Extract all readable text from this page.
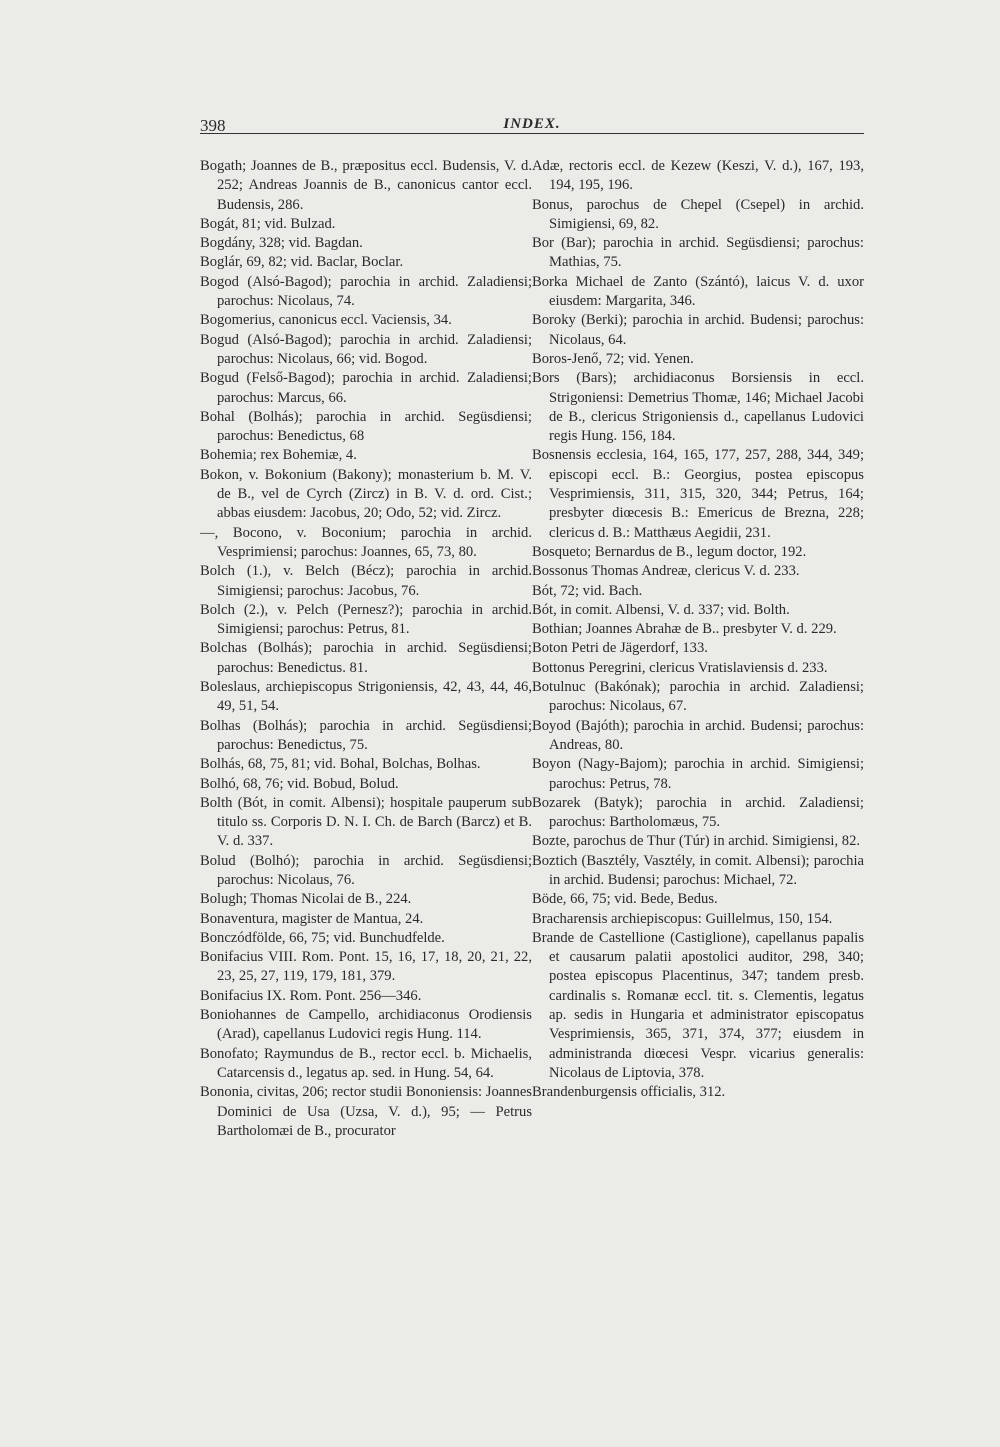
398	INDEX.

Bogath; Joannes de B., præpositus eccl. Budensis, V. d. 252; Andreas Joannis de B., canonicus cantor eccl. Budensis, 286.

Bogát, 81; vid. Bulzad.

Bogdány, 328; vid. Bagdan.

Boglár, 69, 82; vid. Baclar, Boclar.

Bogod (Alsó-Bagod); parochia in archid. Zaladiensi; parochus: Nicolaus, 74.

Bogomerius, canonicus eccl. Vaciensis, 34.

Bogud (Alsó-Bagod); parochia in archid. Zaladiensi; parochus: Nicolaus, 66; vid. Bogod.

Bogud (Felső-Bagod); parochia in archid. Zaladiensi; parochus: Marcus, 66.

Bohal (Bolhás); parochia in archid. Següsdiensi; parochus: Benedictus, 68

Bohemia; rex Bohemiæ, 4.

Bokon, v. Bokonium (Bakony); monasterium b. M. V. de B., vel de Cyrch (Zircz) in B. V. d. ord. Cist.; abbas eiusdem: Jacobus, 20; Odo, 52; vid. Zircz.

—, Bocono, v. Boconium; parochia in archid. Vesprimiensi; parochus: Joannes, 65, 73, 80.

Bolch (1.), v. Belch (Bécz); parochia in archid. Simigiensi; parochus: Jacobus, 76.

Bolch (2.), v. Pelch (Pernesz?); parochia in archid. Simigiensi; parochus: Petrus, 81.

Bolchas (Bolhás); parochia in archid. Següsdiensi; parochus: Benedictus. 81.

Boleslaus, archiepiscopus Strigoniensis, 42, 43, 44, 46, 49, 51, 54.

Bolhas (Bolhás); parochia in archid. Següsdiensi; parochus: Benedictus, 75.

Bolhás, 68, 75, 81; vid. Bohal, Bolchas, Bolhas.

Bolhó, 68, 76; vid. Bobud, Bolud.

Bolth (Bót, in comit. Albensi); hospitale pauperum sub titulo ss. Corporis D. N. I. Ch. de Barch (Barcz) et B. V. d. 337.

Bolud (Bolhó); parochia in archid. Següsdiensi; parochus: Nicolaus, 76.

Bolugh; Thomas Nicolai de B., 224.

Bonaventura, magister de Mantua, 24.

Bonczódfölde, 66, 75; vid. Bunchudfelde.

Bonifacius VIII. Rom. Pont. 15, 16, 17, 18, 20, 21, 22, 23, 25, 27, 119, 179, 181, 379.

Bonifacius IX. Rom. Pont. 256—346.

Boniohannes de Campello, archidiaconus Orodiensis (Arad), capellanus Ludovici regis Hung. 114.

Bonofato; Raymundus de B., rector eccl. b. Michaelis, Catarcensis d., legatus ap. sed. in Hung. 54, 64.

Bononia, civitas, 206; rector studii Bononiensis: Joannes Dominici de Usa (Uzsa, V. d.), 95; — Petrus Bartholomæi de B., procurator

Adæ, rectoris eccl. de Kezew (Keszi, V. d.), 167, 193, 194, 195, 196.

Bonus, parochus de Chepel (Csepel) in archid. Simigiensi, 69, 82.

Bor (Bar); parochia in archid. Següsdiensi; parochus: Mathias, 75.

Borka Michael de Zanto (Szántó), laicus V. d. uxor eiusdem: Margarita, 346.

Boroky (Berki); parochia in archid. Budensi; parochus: Nicolaus, 64.

Boros-Jenő, 72; vid. Yenen.

Bors (Bars); archidiaconus Borsiensis in eccl. Strigoniensi: Demetrius Thomæ, 146; Michael Jacobi de B., clericus Strigoniensis d., capellanus Ludovici regis Hung. 156, 184.

Bosnensis ecclesia, 164, 165, 177, 257, 288, 344, 349; episcopi eccl. B.: Georgius, postea episcopus Vesprimiensis, 311, 315, 320, 344; Petrus, 164; presbyter diœcesis B.: Emericus de Brezna, 228; clericus d. B.: Matthæus Aegidii, 231.

Bosqueto; Bernardus de B., legum doctor, 192.

Bossonus Thomas Andreæ, clericus V. d. 233.

Bót, 72; vid. Bach.

Bót, in comit. Albensi, V. d. 337; vid. Bolth.

Bothian; Joannes Abrahæ de B.. presbyter V. d. 229.

Boton Petri de Jägerdorf, 133.

Bottonus Peregrini, clericus Vratislaviensis d. 233.

Botulnuc (Bakónak); parochia in archid. Zaladiensi; parochus: Nicolaus, 67.

Boyod (Bajóth); parochia in archid. Budensi; parochus: Andreas, 80.

Boyon (Nagy-Bajom); parochia in archid. Simigiensi; parochus: Petrus, 78.

Bozarek (Batyk); parochia in archid. Zaladiensi; parochus: Bartholomæus, 75.

Bozte, parochus de Thur (Túr) in archid. Simigiensi, 82.

Boztich (Basztély, Vasztély, in comit. Albensi); parochia in archid. Budensi; parochus: Michael, 72.

Böde, 66, 75; vid. Bede, Bedus.

Bracharensis archiepiscopus: Guillelmus, 150, 154.

Brande de Castellione (Castiglione), capellanus papalis et causarum palatii apostolici auditor, 298, 340; postea episcopus Placentinus, 347; tandem presb. cardinalis s. Romanæ eccl. tit. s. Clementis, legatus ap. sedis in Hungaria et administrator episcopatus Vesprimiensis, 365, 371, 374, 377; eiusdem in administranda diœcesi Vespr. vicarius generalis: Nicolaus de Liptovia, 378.

Brandenburgensis officialis, 312.
